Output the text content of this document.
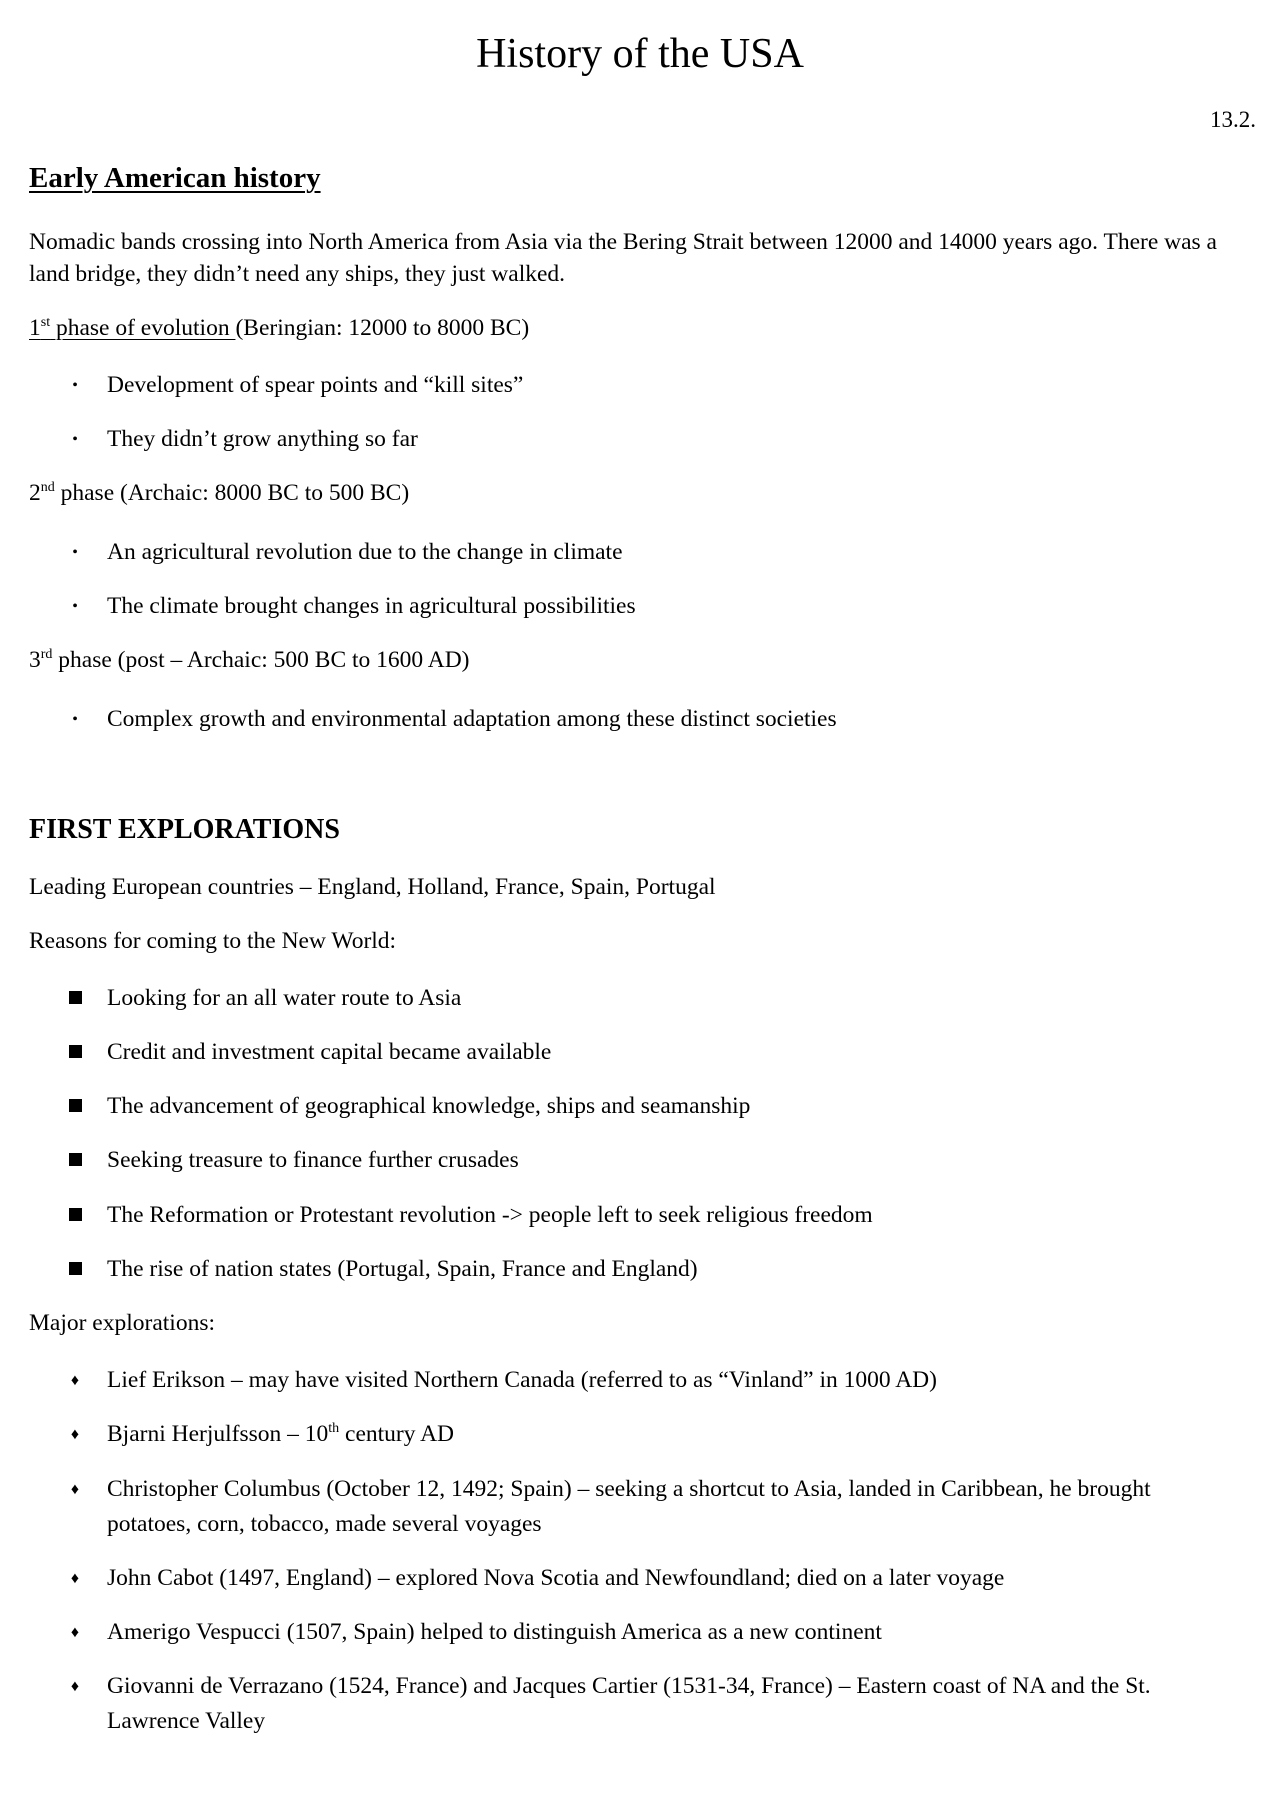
History of the USA
13.2.
Early American history
Nomadic bands crossing into North America from Asia via the Bering Strait between 12000 and 14000 years ago. There was a land bridge, they didn’t need any ships, they just walked.
1st phase of evolution (Beringian: 12000 to 8000 BC)
• Development of spear points and “kill sites”
• They didn’t grow anything so far
2nd phase (Archaic: 8000 BC to 500 BC)
• An agricultural revolution due to the change in climate
• The climate brought changes in agricultural possibilities
3rd phase (post – Archaic: 500 BC to 1600 AD)
• Complex growth and environmental adaptation among these distinct societies
FIRST EXPLORATIONS
Leading European countries – England, Holland, France, Spain, Portugal
Reasons for coming to the New World:
Looking for an all water route to Asia
Credit and investment capital became available
The advancement of geographical knowledge, ships and seamanship
Seeking treasure to finance further crusades
The Reformation or Protestant revolution -> people left to seek religious freedom
The rise of nation states (Portugal, Spain, France and England)
Major explorations:
♦ Lief Erikson – may have visited Northern Canada (referred to as “Vinland” in 1000 AD)
♦ Bjarni Herjulfsson – 10th century AD
♦ Christopher Columbus (October 12, 1492; Spain) – seeking a shortcut to Asia, landed in Caribbean, he brought potatoes, corn, tobacco, made several voyages
♦ John Cabot (1497, England) – explored Nova Scotia and Newfoundland; died on a later voyage
♦ Amerigo Vespucci (1507, Spain) helped to distinguish America as a new continent
♦ Giovanni de Verrazano (1524, France) and Jacques Cartier (1531-34, France) – Eastern coast of NA and the St. Lawrence Valley
